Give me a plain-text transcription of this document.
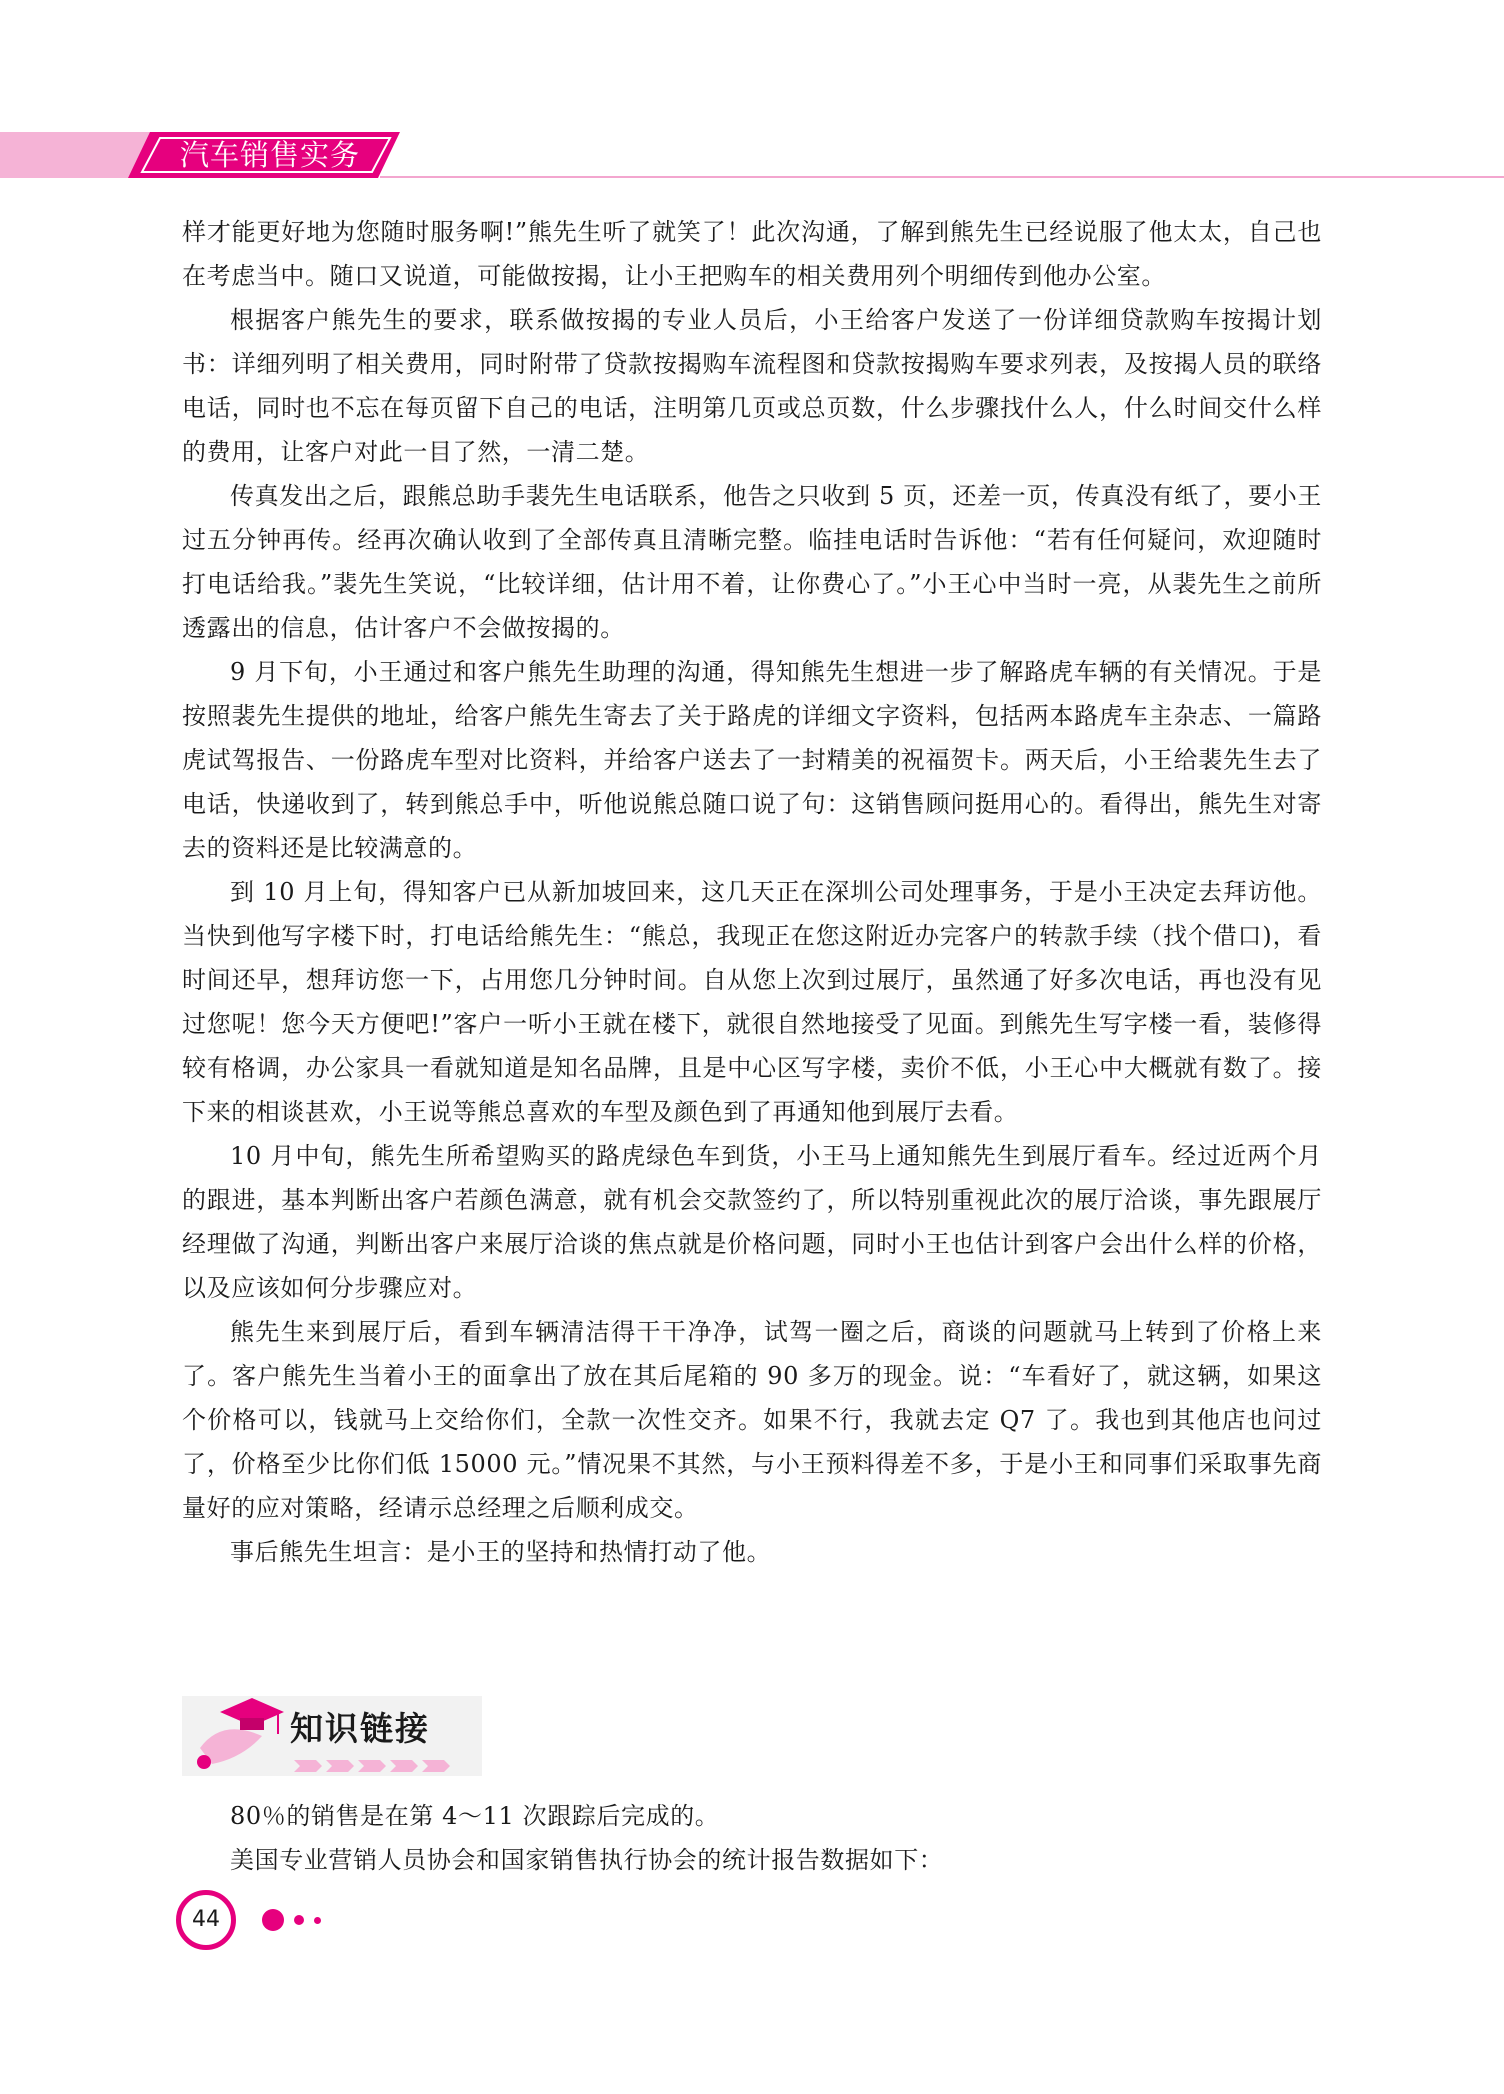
汽车销售实务

样才能更好地为您随时服务啊!”熊先生听了就笑了！此次沟通，了解到熊先生已经说服了他太太，自己也在考虑当中。随口又说道，可能做按揭，让小王把购车的相关费用列个明细传到他办公室。

根据客户熊先生的要求，联系做按揭的专业人员后，小王给客户发送了一份详细贷款购车按揭计划书：详细列明了相关费用，同时附带了贷款按揭购车流程图和贷款按揭购车要求列表，及按揭人员的联络电话，同时也不忘在每页留下自己的电话，注明第几页或总页数，什么步骤找什么人，什么时间交什么样的费用，让客户对此一目了然，一清二楚。

传真发出之后，跟熊总助手裴先生电话联系，他告之只收到 5 页，还差一页，传真没有纸了，要小王过五分钟再传。经再次确认收到了全部传真且清晰完整。临挂电话时告诉他：“若有任何疑问，欢迎随时打电话给我。”裴先生笑说，“比较详细，估计用不着，让你费心了。”小王心中当时一亮，从裴先生之前所透露出的信息，估计客户不会做按揭的。

9 月下旬，小王通过和客户熊先生助理的沟通，得知熊先生想进一步了解路虎车辆的有关情况。于是按照裴先生提供的地址，给客户熊先生寄去了关于路虎的详细文字资料，包括两本路虎车主杂志、一篇路虎试驾报告、一份路虎车型对比资料，并给客户送去了一封精美的祝福贺卡。两天后，小王给裴先生去了电话，快递收到了，转到熊总手中，听他说熊总随口说了句：这销售顾问挺用心的。看得出，熊先生对寄去的资料还是比较满意的。

到 10 月上旬，得知客户已从新加坡回来，这几天正在深圳公司处理事务，于是小王决定去拜访他。当快到他写字楼下时，打电话给熊先生：“熊总，我现正在您这附近办完客户的转款手续（找个借口)，看时间还早，想拜访您一下，占用您几分钟时间。自从您上次到过展厅，虽然通了好多次电话，再也没有见过您呢！您今天方便吧!”客户一听小王就在楼下，就很自然地接受了见面。到熊先生写字楼一看，装修得较有格调，办公家具一看就知道是知名品牌，且是中心区写字楼，卖价不低，小王心中大概就有数了。接下来的相谈甚欢，小王说等熊总喜欢的车型及颜色到了再通知他到展厅去看。

10 月中旬，熊先生所希望购买的路虎绿色车到货，小王马上通知熊先生到展厅看车。经过近两个月的跟进，基本判断出客户若颜色满意，就有机会交款签约了，所以特别重视此次的展厅洽谈，事先跟展厅经理做了沟通，判断出客户来展厅洽谈的焦点就是价格问题，同时小王也估计到客户会出什么样的价格，以及应该如何分步骤应对。

熊先生来到展厅后，看到车辆清洁得干干净净，试驾一圈之后，商谈的问题就马上转到了价格上来了。客户熊先生当着小王的面拿出了放在其后尾箱的 90 多万的现金。说：“车看好了，就这辆，如果这个价格可以，钱就马上交给你们，全款一次性交齐。如果不行，我就去定 Q7 了。我也到其他店也问过了，价格至少比你们低 15000 元。”情况果不其然，与小王预料得差不多，于是小王和同事们采取事先商量好的应对策略，经请示总经理之后顺利成交。

事后熊先生坦言：是小王的坚持和热情打动了他。

知识链接

80％的销售是在第 4～11 次跟踪后完成的。

美国专业营销人员协会和国家销售执行协会的统计报告数据如下：

44
